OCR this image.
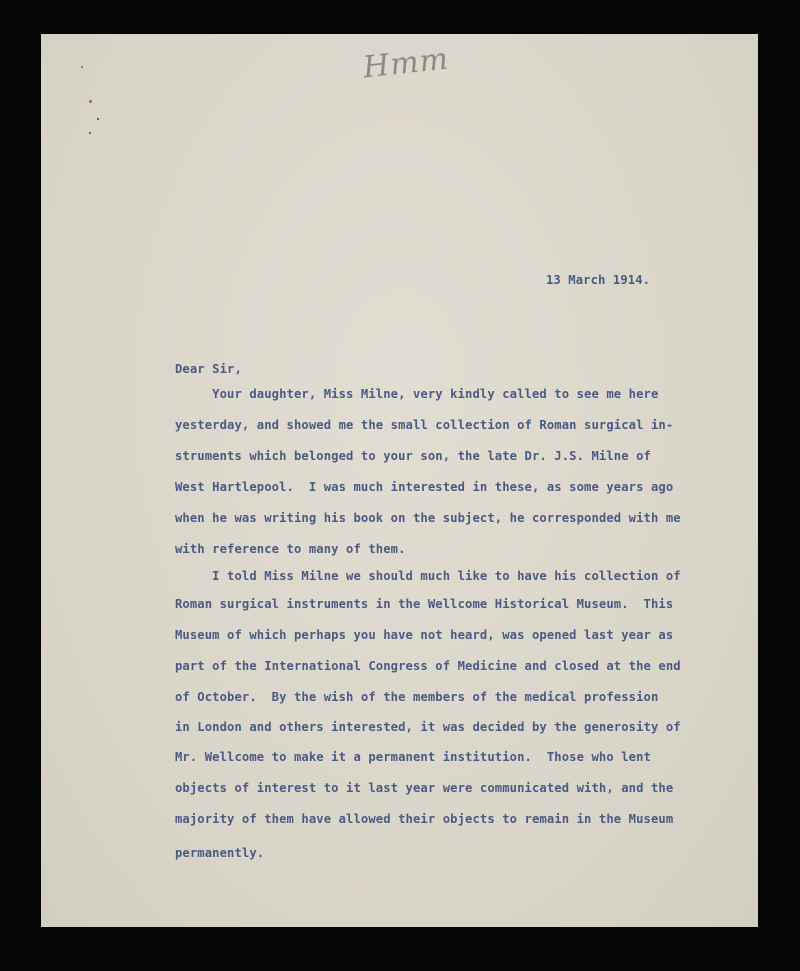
Hmm
13 March 1914.
Dear Sir,
Your daughter, Miss Milne, very kindly called to see me here
yesterday, and showed me the small collection of Roman surgical in-
struments which belonged to your son, the late Dr. J.S. Milne of
West Hartlepool.  I was much interested in these, as some years ago
when he was writing his book on the subject, he corresponded with me
with reference to many of them.
I told Miss Milne we should much like to have his collection of
Roman surgical instruments in the Wellcome Historical Museum.  This
Museum of which perhaps you have not heard, was opened last year as
part of the International Congress of Medicine and closed at the end
of October.  By the wish of the members of the medical profession
in London and others interested, it was decided by the generosity of
Mr. Wellcome to make it a permanent institution.  Those who lent
objects of interest to it last year were communicated with, and the
majority of them have allowed their objects to remain in the Museum
permanently.
